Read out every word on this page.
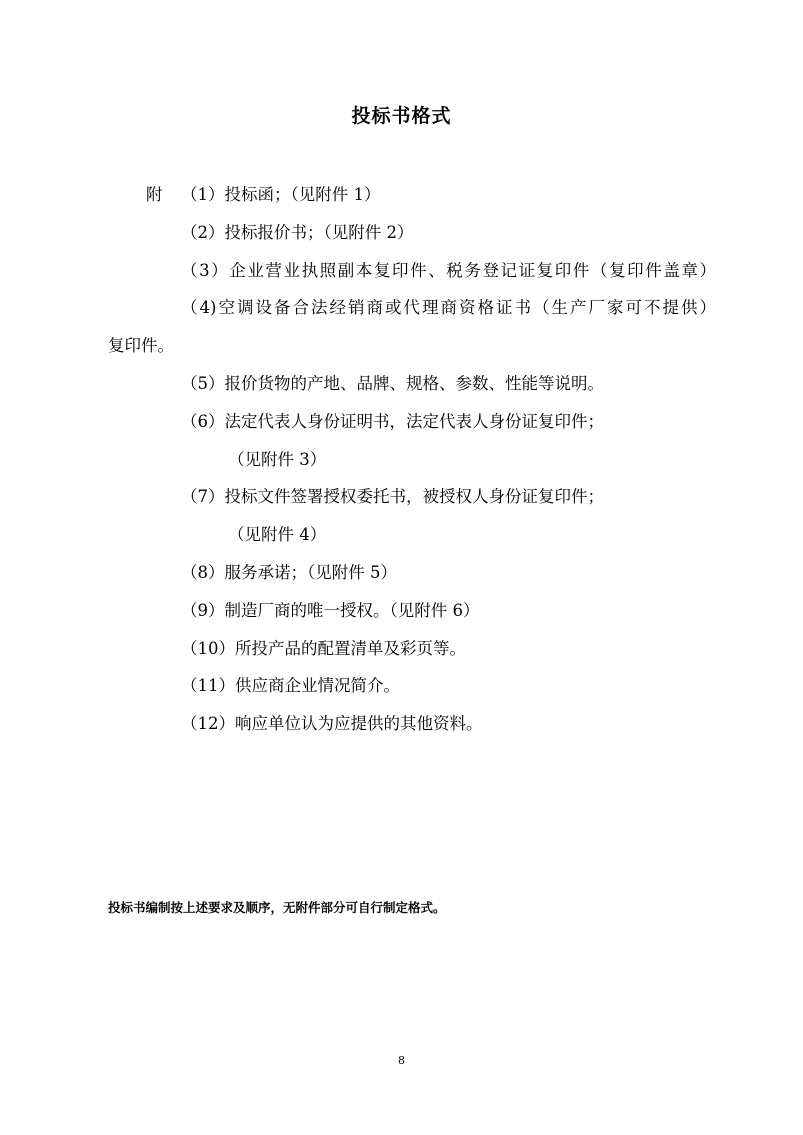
投标书格式
附 （1）投标函；（见附件 1）
（2）投标报价书；（见附件 2）
（3）企业营业执照副本复印件、税务登记证复印件（复印件盖章）
（4)空调设备合法经销商或代理商资格证书（生产厂家可不提供）
复印件。
（5）报价货物的产地、品牌、规格、参数、性能等说明。
（6）法定代表人身份证明书，法定代表人身份证复印件；
（见附件 3）
（7）投标文件签署授权委托书，被授权人身份证复印件；
（见附件 4）
（8）服务承诺；（见附件 5）
（9）制造厂商的唯一授权。（见附件 6）
（10）所投产品的配置清单及彩页等。
（11）供应商企业情况简介。
（12）响应单位认为应提供的其他资料。
投标书编制按上述要求及顺序，无附件部分可自行制定格式。
8
